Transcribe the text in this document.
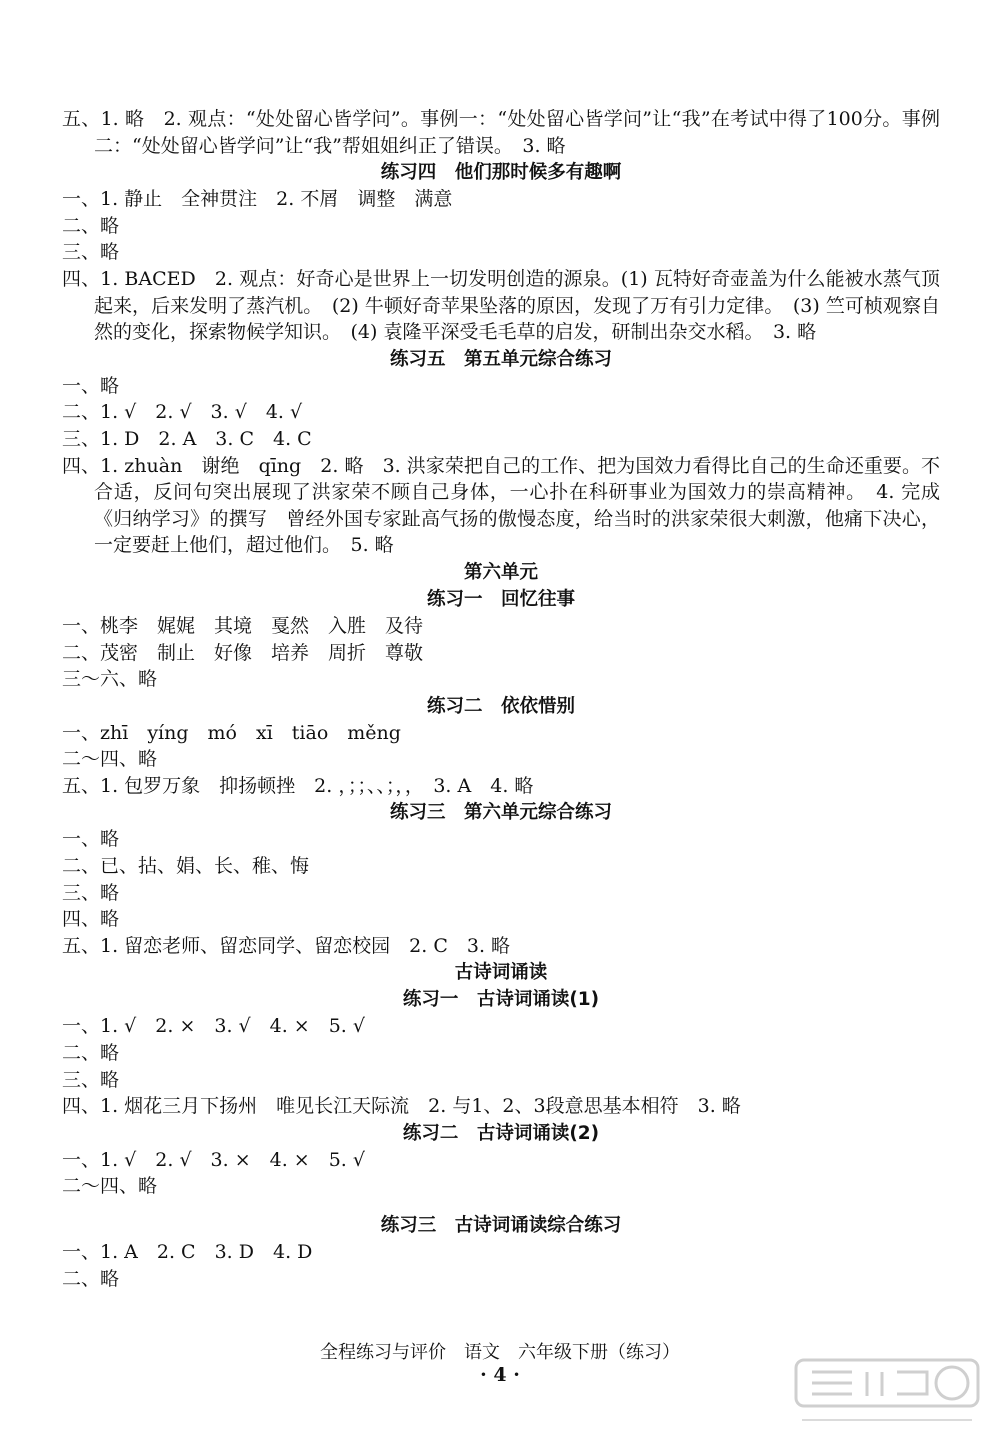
五、1. 略　2. 观点：“处处留心皆学问”。事例一：“处处留心皆学问”让“我”在考试中得了100分。事例二：“处处留心皆学问”让“我”帮姐姐纠正了错误。　3. 略
练习四　他们那时候多有趣啊
一、1. 静止　全神贯注　2. 不屑　调整　满意
二、略
三、略
四、1. BACED　2. 观点：好奇心是世界上一切发明创造的源泉。(1) 瓦特好奇壶盖为什么能被水蒸气顶起来，后来发明了蒸汽机。　(2) 牛顿好奇苹果坠落的原因，发现了万有引力定律。　(3) 竺可桢观察自然的变化，探索物候学知识。　(4) 袁隆平深受毛毛草的启发，研制出杂交水稻。　3. 略
练习五　第五单元综合练习
一、略
二、1. √　2. √　3. √　4. √
三、1. D　2. A　3. C　4. C
四、1. zhuàn　谢绝　qīng　2. 略　3. 洪家荣把自己的工作、把为国效力看得比自己的生命还重要。不合适，反问句突出展现了洪家荣不顾自己身体，一心扑在科研事业为国效力的崇高精神。　4. 完成《归纳学习》的撰写　曾经外国专家趾高气扬的傲慢态度，给当时的洪家荣很大刺激，他痛下决心，一定要赶上他们，超过他们。　5. 略
第六单元
练习一　回忆往事
一、桃李　娓娓　其境　戛然　入胜　及待
二、茂密　制止　好像　培养　周折　尊敬
三～六、略
练习二　依依惜别
一、zhī　yíng　mó　xī　tiāo　měng
二～四、略
五、1. 包罗万象　抑扬顿挫　2. ，；；、、；，，　3. A　4. 略
练习三　第六单元综合练习
一、略
二、已、拈、娟、长、稚、悔
三、略
四、略
五、1. 留恋老师、留恋同学、留恋校园　2. C　3. 略
古诗词诵读
练习一　古诗词诵读(1)
一、1. √　2. ×　3. √　4. ×　5. √
二、略
三、略
四、1. 烟花三月下扬州　唯见长江天际流　2. 与1、2、3段意思基本相符　3. 略
练习二　古诗词诵读(2)
一、1. √　2. √　3. ×　4. ×　5. √
二～四、略
练习三　古诗词诵读综合练习
一、1. A　2. C　3. D　4. D
二、略
全程练习与评价　语文　六年级下册（练习）
· 4 ·
